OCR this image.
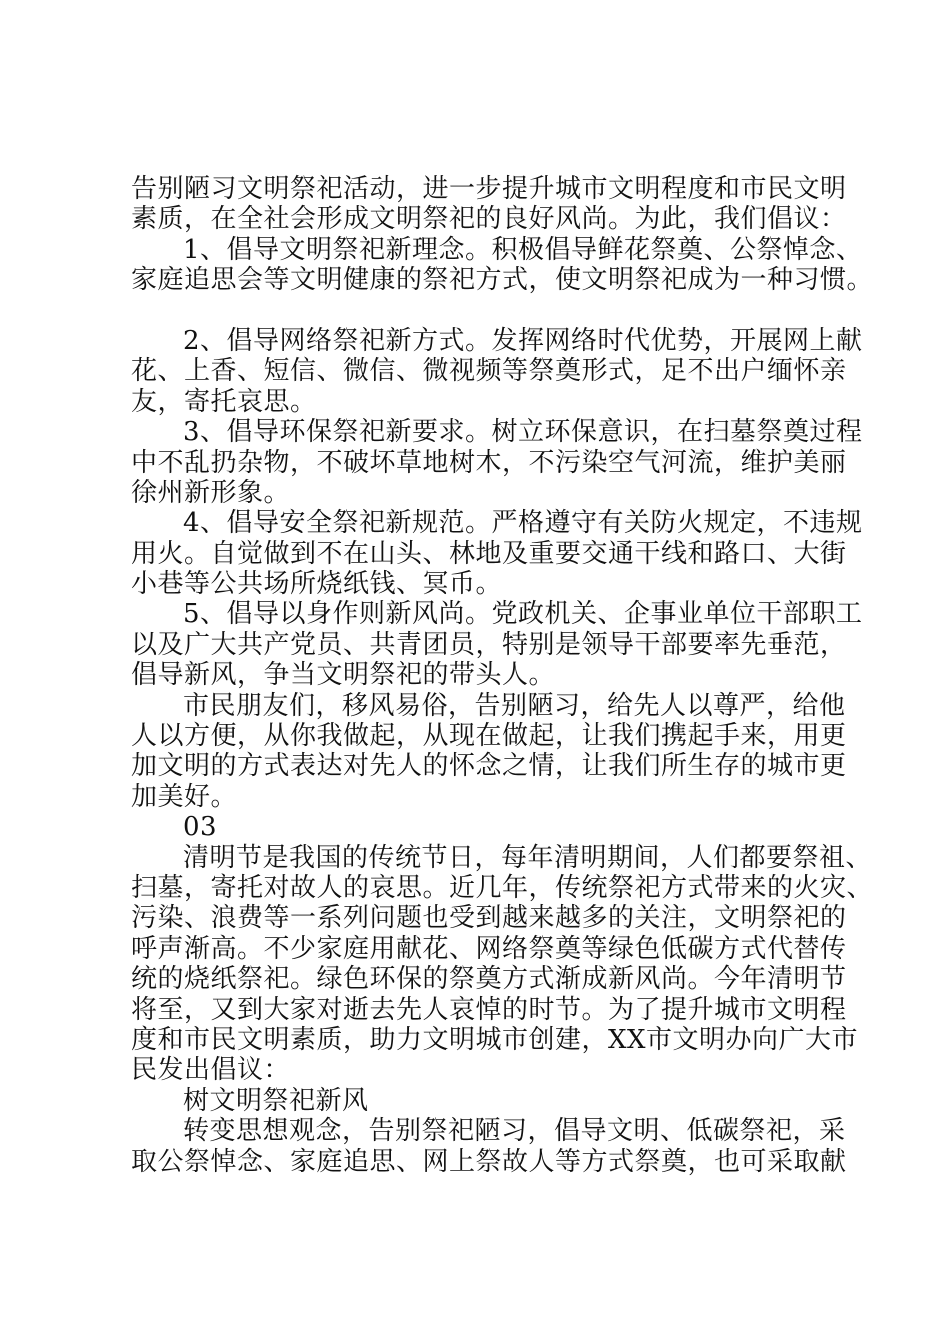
告别陋习文明祭祀活动，进一步提升城市文明程度和市民文明
素质，在全社会形成文明祭祀的良好风尚。为此，我们倡议：
1、倡导文明祭祀新理念。积极倡导鲜花祭奠、公祭悼念、
家庭追思会等文明健康的祭祀方式，使文明祭祀成为一种习惯。
2、倡导网络祭祀新方式。发挥网络时代优势，开展网上献
花、上香、短信、微信、微视频等祭奠形式，足不出户缅怀亲
友，寄托哀思。
3、倡导环保祭祀新要求。树立环保意识，在扫墓祭奠过程
中不乱扔杂物，不破坏草地树木，不污染空气河流，维护美丽
徐州新形象。
4、倡导安全祭祀新规范。严格遵守有关防火规定，不违规
用火。自觉做到不在山头、林地及重要交通干线和路口、大街
小巷等公共场所烧纸钱、冥币。
5、倡导以身作则新风尚。党政机关、企事业单位干部职工
以及广大共产党员、共青团员，特别是领导干部要率先垂范，
倡导新风，争当文明祭祀的带头人。
市民朋友们，移风易俗，告别陋习，给先人以尊严，给他
人以方便，从你我做起，从现在做起，让我们携起手来，用更
加文明的方式表达对先人的怀念之情，让我们所生存的城市更
加美好。
03
清明节是我国的传统节日，每年清明期间，人们都要祭祖、
扫墓，寄托对故人的哀思。近几年，传统祭祀方式带来的火灾、
污染、浪费等一系列问题也受到越来越多的关注，文明祭祀的
呼声渐高。不少家庭用献花、网络祭奠等绿色低碳方式代替传
统的烧纸祭祀。绿色环保的祭奠方式渐成新风尚。今年清明节
将至，又到大家对逝去先人哀悼的时节。为了提升城市文明程
度和市民文明素质，助力文明城市创建，XX市文明办向广大市
民发出倡议：
树文明祭祀新风
转变思想观念，告别祭祀陋习，倡导文明、低碳祭祀，采
取公祭悼念、家庭追思、网上祭故人等方式祭奠，也可采取献
